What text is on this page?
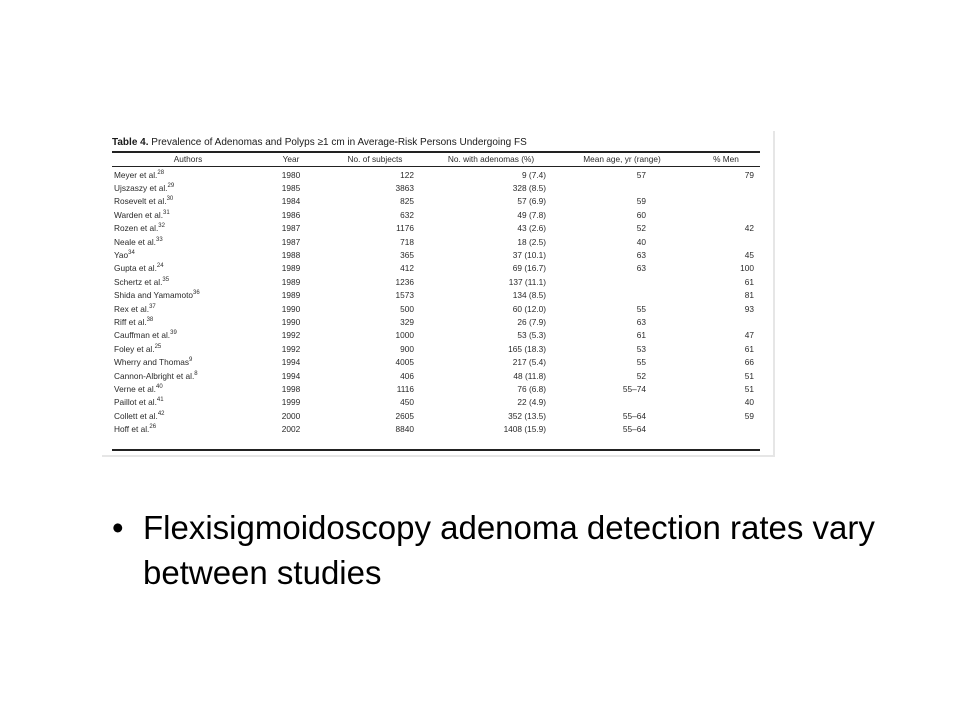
Table 4. Prevalence of Adenomas and Polyps ≥1 cm in Average-Risk Persons Undergoing FS
Authors	Year	No. of subjects	No. with adenomas (%)	Mean age, yr (range)	% Men
Meyer et al.$^{28}$	1980	122	9 (7.4)	57	79
Ujszaszy et al.$^{29}$	1985	3863	328 (8.5)		
Rosevelt et al.$^{30}$	1984	825	57 (6.9)	59	
Warden et al.$^{31}$	1986	632	49 (7.8)	60	
Rozen et al.$^{32}$	1987	1176	43 (2.6)	52	42
Neale et al.$^{33}$	1987	718	18 (2.5)	40	
Yao$^{34}$	1988	365	37 (10.1)	63	45
Gupta et al.$^{24}$	1989	412	69 (16.7)	63	100
Schertz et al.$^{35}$	1989	1236	137 (11.1)		61
Shida and Yamamoto$^{36}$	1989	1573	134 (8.5)		81
Rex et al.$^{37}$	1990	500	60 (12.0)	55	93
Riff et al.$^{38}$	1990	329	26 (7.9)	63	
Cauffman et al.$^{39}$	1992	1000	53 (5.3)	61	47
Foley et al.$^{25}$	1992	900	165 (18.3)	53	61
Wherry and Thomas$^9$	1994	4005	217 (5.4)	55	66
Cannon-Albright et al.$^8$	1994	406	48 (11.8)	52	51
Verne et al.$^{40}$	1998	1116	76 (6.8)	55–74	51
Paillot et al.$^{41}$	1999	450	22 (4.9)		40
Collett et al.$^{42}$	2000	2605	352 (13.5)	55–64	59
Hoff et al.$^{26}$	2002	8840	1408 (15.9)	55–64	
• Flexisigmoidoscopy adenoma detection rates vary between studies
